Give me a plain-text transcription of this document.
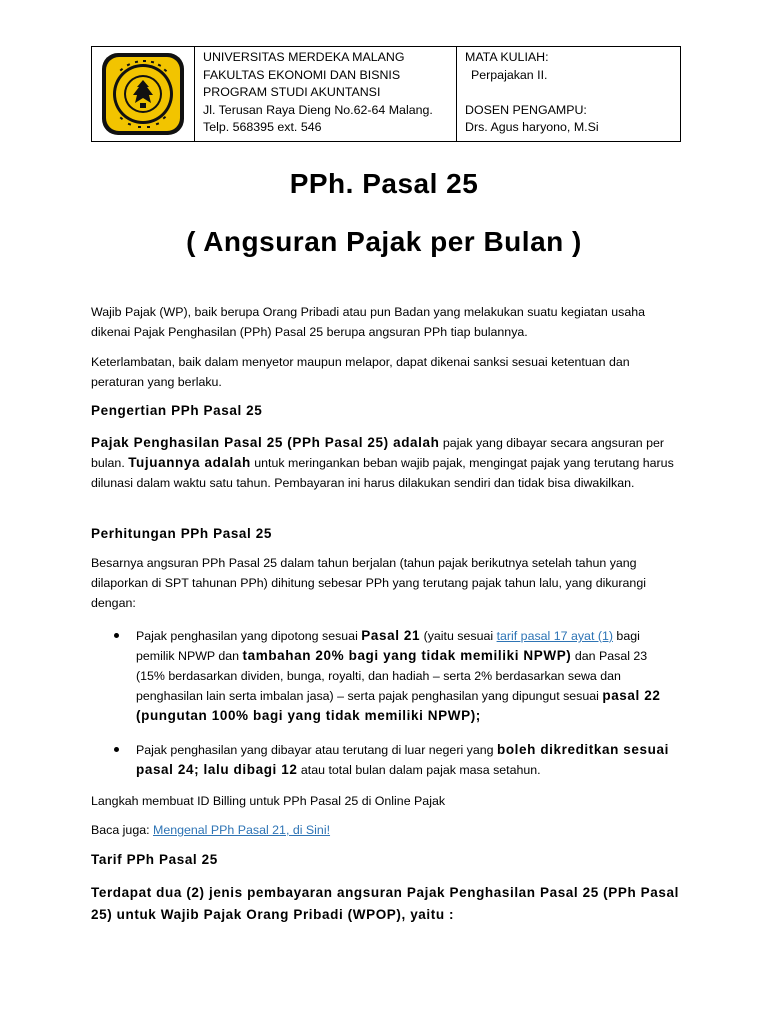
UNIVERSITAS MERDEKA MALANG
FAKULTAS EKONOMI DAN BISNIS
PROGRAM STUDI AKUNTANSI
Jl. Terusan Raya Dieng No.62-64 Malang.
Telp. 568395 ext. 546
MATA KULIAH:
Perpajakan II.

DOSEN PENGAMPU:
Drs. Agus haryono, M.Si
PPh. Pasal 25
( Angsuran Pajak per Bulan )
Wajib Pajak (WP), baik berupa Orang Pribadi atau pun Badan yang melakukan suatu kegiatan usaha dikenai Pajak Penghasilan (PPh) Pasal 25 berupa angsuran PPh tiap bulannya.
Keterlambatan, baik dalam menyetor maupun melapor, dapat dikenai sanksi sesuai ketentuan dan peraturan yang berlaku.
Pengertian PPh Pasal 25
Pajak Penghasilan Pasal 25 (PPh Pasal 25) adalah pajak yang dibayar secara angsuran per bulan. Tujuannya adalah untuk meringankan beban wajib pajak, mengingat pajak yang terutang harus dilunasi dalam waktu satu tahun. Pembayaran ini harus dilakukan sendiri dan tidak bisa diwakilkan.
Perhitungan PPh Pasal 25
Besarnya angsuran PPh Pasal 25 dalam tahun berjalan (tahun pajak berikutnya setelah tahun yang dilaporkan di SPT tahunan PPh) dihitung sebesar PPh yang terutang pajak tahun lalu, yang dikurangi dengan:
Pajak penghasilan yang dipotong sesuai Pasal 21 (yaitu sesuai tarif pasal 17 ayat (1) bagi pemilik NPWP dan tambahan 20% bagi yang tidak memiliki NPWP) dan Pasal 23 (15% berdasarkan dividen, bunga, royalti, dan hadiah – serta 2% berdasarkan sewa dan penghasilan lain serta imbalan jasa) – serta pajak penghasilan yang dipungut sesuai pasal 22 (pungutan 100% bagi yang tidak memiliki NPWP);
Pajak penghasilan yang dibayar atau terutang di luar negeri yang boleh dikreditkan sesuai pasal 24; lalu dibagi 12 atau total bulan dalam pajak masa setahun.
Langkah membuat ID Billing untuk PPh Pasal 25 di Online Pajak
Baca juga: Mengenal PPh Pasal 21, di Sini!
Tarif PPh Pasal 25
Terdapat dua (2) jenis pembayaran angsuran Pajak Penghasilan Pasal 25 (PPh Pasal 25) untuk Wajib Pajak Orang Pribadi (WPOP), yaitu :
